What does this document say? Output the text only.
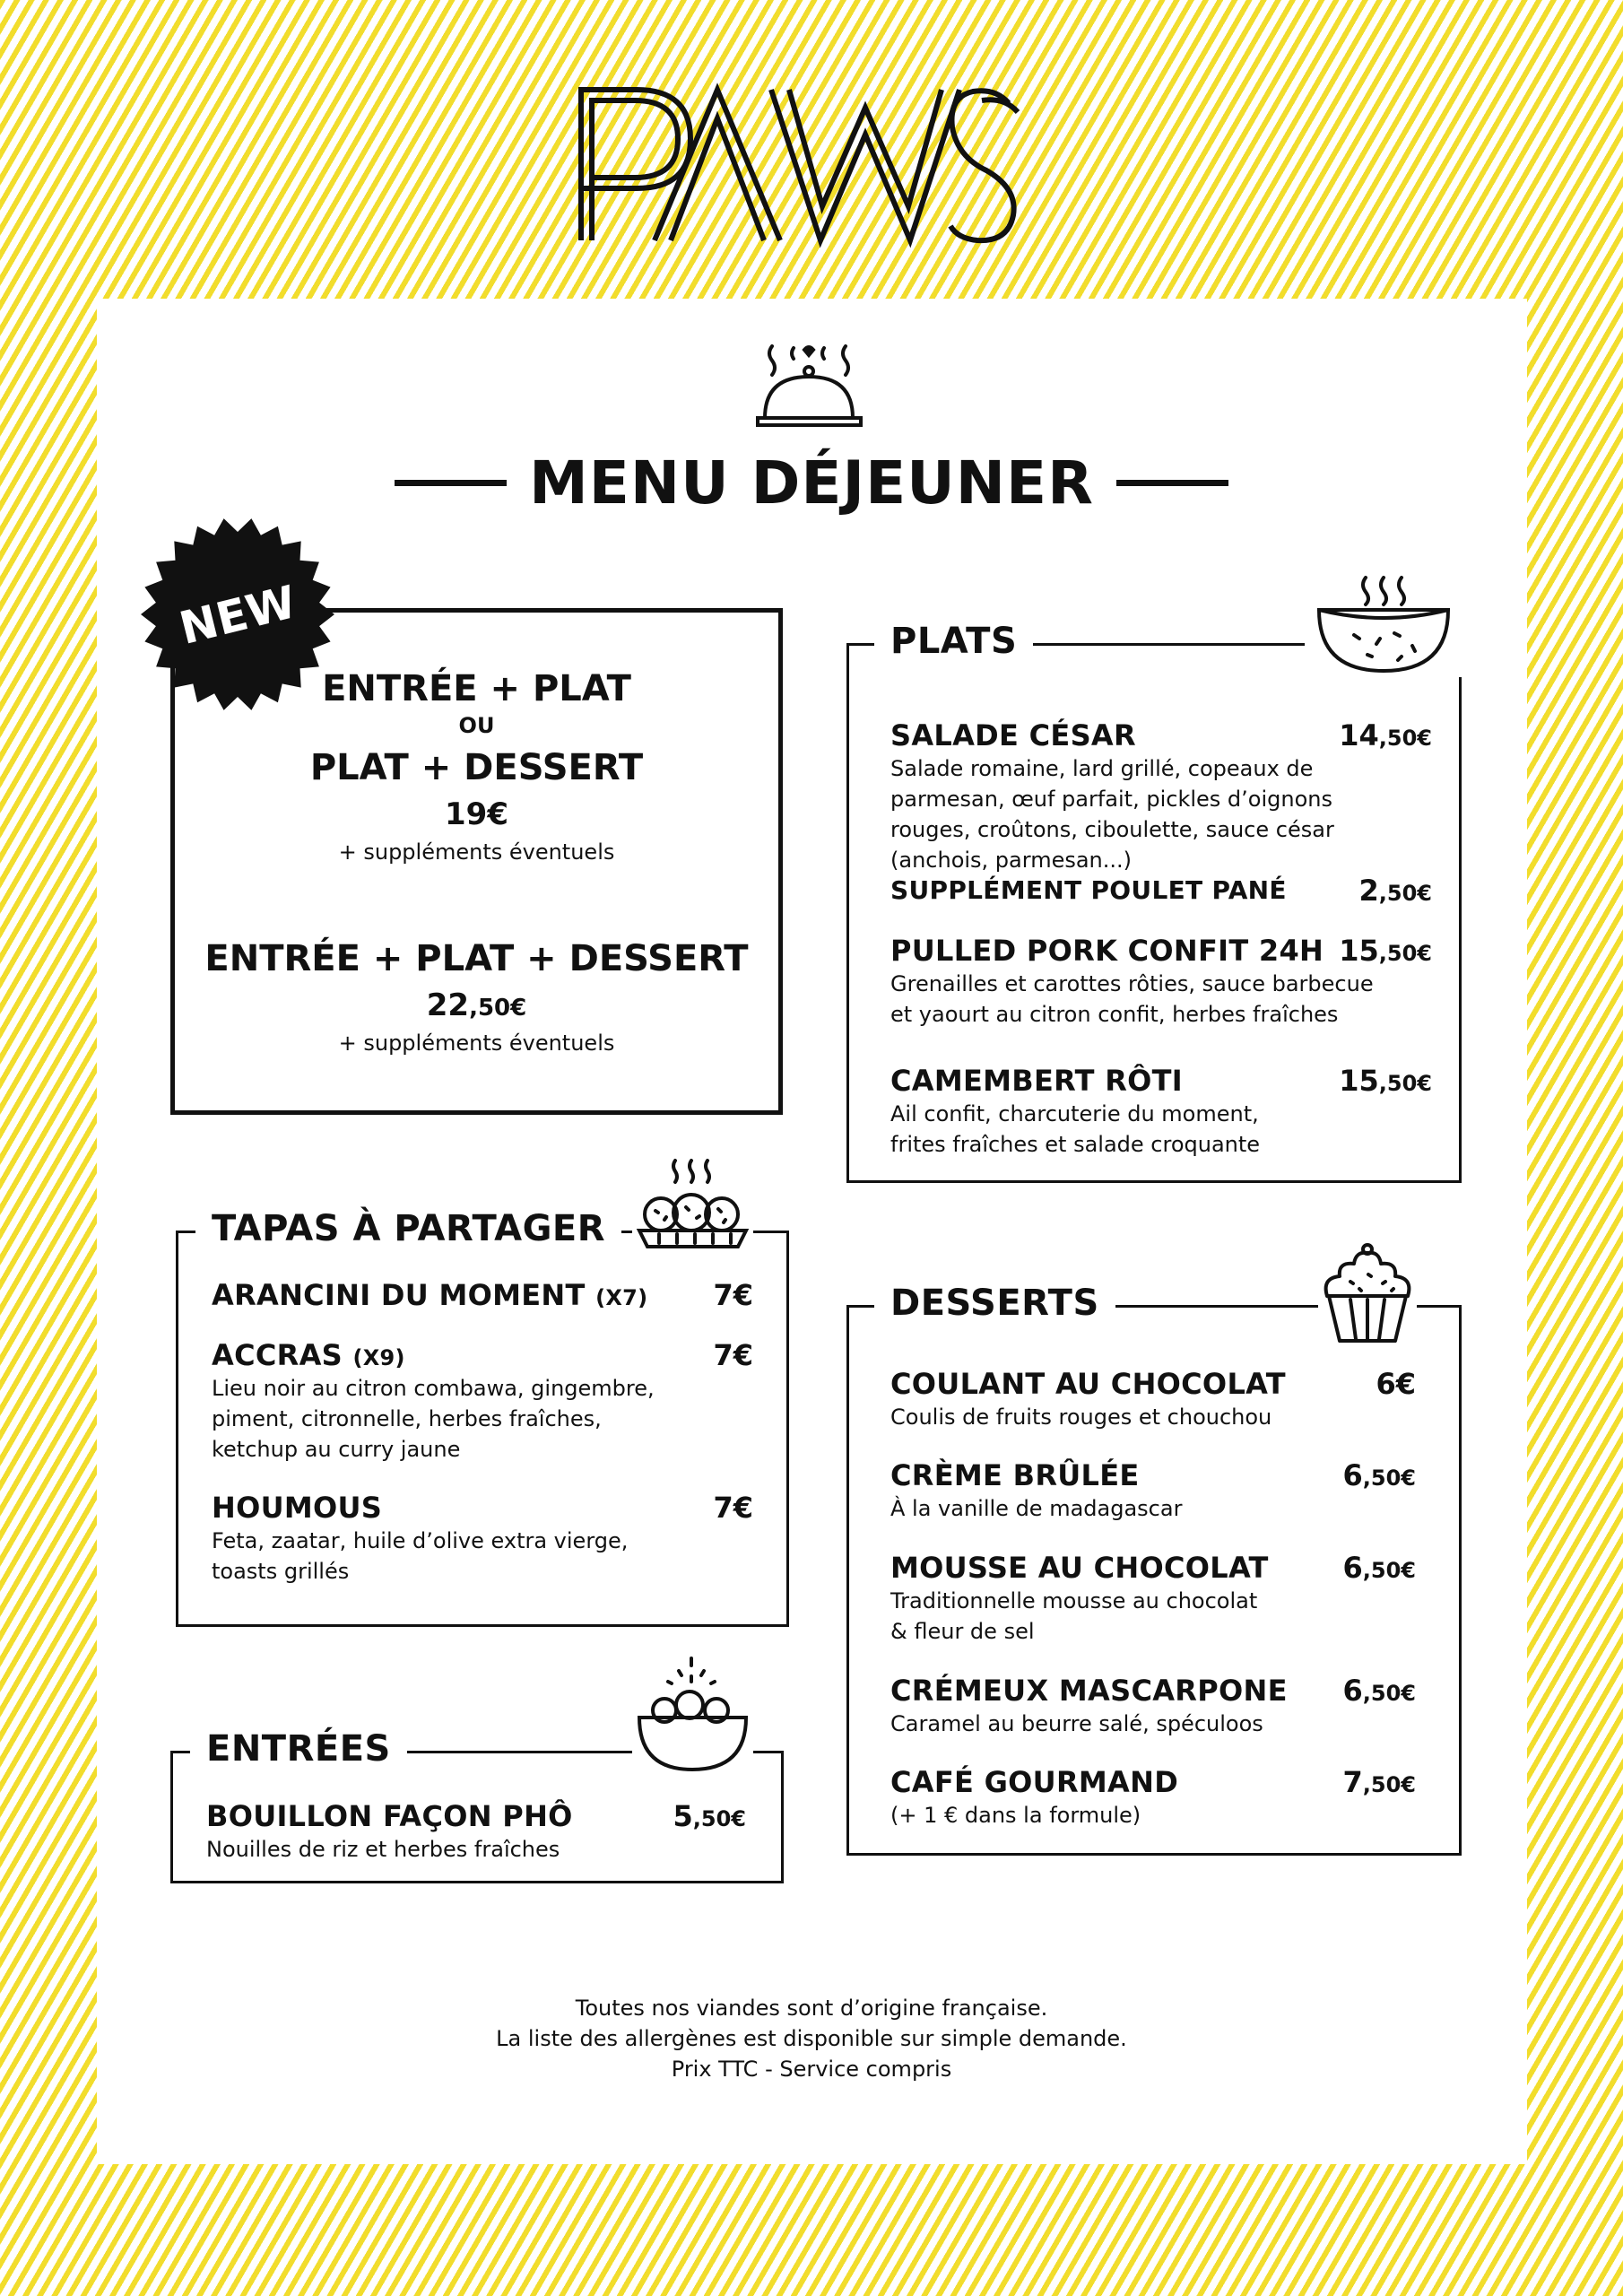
MENU DÉJEUNER
ENTRÉE + PLAT
OU
PLAT + DESSERT
19€
+ suppléments éventuels
ENTRÉE + PLAT + DESSERT
22,50€
+ suppléments éventuels
NEW	PLATS
SALADE CÉSAR	14,50€
Salade romaine, lard grillé, copeaux de
parmesan, œuf parfait, pickles d’oignons
rouges, croûtons, ciboulette, sauce césar
(anchois, parmesan...)
SUPPLÉMENT POULET PANÉ	2,50€
PULLED PORK CONFIT 24H 15,50€
Grenailles et carottes rôties, sauce barbecue
et yaourt au citron confit, herbes fraîches
CAMEMBERT RÔTI	15,50€
Ail confit, charcuterie du moment,
frites fraîches et salade croquante
TAPAS À PARTAGER
ARANCINI DU MOMENT (X7) 7€
ACCRAS (X9)	7€
Lieu noir au citron combawa, gingembre,
piment, citronnelle, herbes fraîches,
ketchup au curry jaune
HOUMOUS	7€
Feta, zaatar, huile d’olive extra vierge,
toasts grillés
ENTRÉES
BOUILLON FAÇON PHÔ	5,50€
Nouilles de riz et herbes fraîches
DESSERTS
COULANT AU CHOCOLAT	6€
Coulis de fruits rouges et chouchou
CRÈME BRÛLÉE	6,50€
À la vanille de madagascar
MOUSSE AU CHOCOLAT	6,50€
Traditionnelle mousse au chocolat
& fleur de sel
CRÉMEUX MASCARPONE 6,50€
Caramel au beurre salé, spéculoos
CAFÉ GOURMAND	7,50€
(+ 1 € dans la formule)
Toutes nos viandes sont d’origine française.
La liste des allergènes est disponible sur simple demande.
Prix TTC - Service compris
